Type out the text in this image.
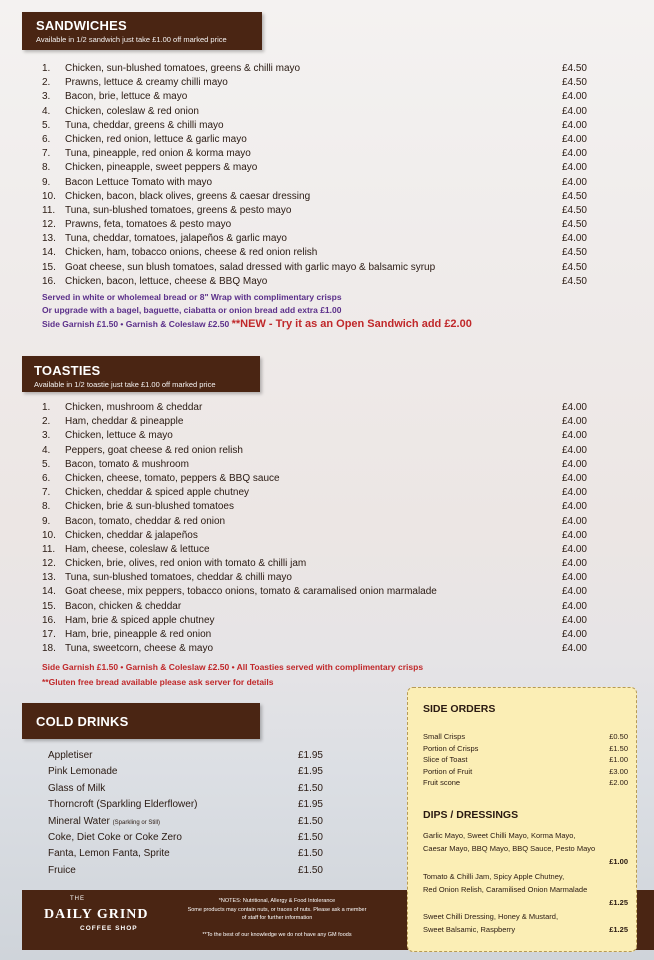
SANDWICHES
Available in 1/2 sandwich just take £1.00 off marked price
1.	Chicken, sun-blushed tomatoes, greens & chilli mayo	£4.50
2.	Prawns, lettuce & creamy chilli mayo	£4.50
3.	Bacon, brie, lettuce & mayo	£4.00
4.	Chicken, coleslaw & red onion	£4.00
5.	Tuna, cheddar, greens & chilli mayo	£4.00
6.	Chicken, red onion, lettuce & garlic mayo	£4.00
7.	Tuna, pineapple, red onion & korma mayo	£4.00
8.	Chicken, pineapple, sweet peppers & mayo	£4.00
9.	Bacon Lettuce Tomato with mayo	£4.00
10. Chicken, bacon, black olives, greens & caesar dressing	£4.50
11. Tuna, sun-blushed tomatoes, greens & pesto mayo	£4.50
12. Prawns, feta, tomatoes & pesto mayo	£4.50
13. Tuna, cheddar, tomatoes, jalapeños & garlic mayo	£4.00
14. Chicken, ham, tobacco onions, cheese & red onion relish	£4.50
15. Goat cheese, sun blush tomatoes, salad dressed with garlic mayo & balsamic syrup	£4.50
16. Chicken, bacon, lettuce, cheese & BBQ Mayo	£4.50
Served in white or wholemeal bread or 8" Wrap with complimentary crisps
Or upgrade with a bagel, baguette, ciabatta or onion bread add extra £1.00
Side Garnish £1.50 • Garnish & Coleslaw £2.50 **NEW - Try it as an Open Sandwich add £2.00
TOASTIES
Available in 1/2 toastie just take £1.00 off marked price
1.	Chicken, mushroom & cheddar	£4.00
2.	Ham, cheddar & pineapple	£4.00
3.	Chicken, lettuce & mayo	£4.00
4.	Peppers, goat cheese & red onion relish	£4.00
5.	Bacon, tomato & mushroom	£4.00
6.	Chicken, cheese, tomato, peppers & BBQ sauce	£4.00
7.	Chicken, cheddar & spiced apple chutney	£4.00
8.	Chicken, brie & sun-blushed tomatoes	£4.00
9.	Bacon, tomato, cheddar & red onion	£4.00
10. Chicken, cheddar & jalapeños	£4.00
11. Ham, cheese, coleslaw & lettuce	£4.00
12. Chicken, brie, olives, red onion with tomato & chilli jam	£4.00
13. Tuna, sun-blushed tomatoes, cheddar & chilli mayo	£4.00
14. Goat cheese, mix peppers, tobacco onions, tomato & caramalised onion marmalade	£4.00
15. Bacon, chicken & cheddar	£4.00
16. Ham, brie & spiced apple chutney	£4.00
17. Ham, brie, pineapple & red onion	£4.00
18. Tuna, sweetcorn, cheese & mayo	£4.00
Side Garnish £1.50 • Garnish & Coleslaw £2.50 • All Toasties served with complimentary crisps
**Gluten free bread available please ask server for details
COLD DRINKS
Appletiser	£1.95
Pink Lemonade	£1.95
Glass of Milk	£1.50
Thorncroft (Sparkling Elderflower)	£1.95
Mineral Water (Sparkling or Still)	£1.50
Coke, Diet Coke or Coke Zero	£1.50
Fanta, Lemon Fanta, Sprite	£1.50
Fruice	£1.50
THE
DAILY GRIND
COFFEE SHOP
*NOTES: Nutritional, Allergy & Food Intolerance
Some products may contain nuts, or traces of nuts. Please ask a member
of staff for further information
**To the best of our knowledge we do not have any GM foods
SIDE ORDERS
Small Crisps	£0.50
Portion of Crisps	£1.50
Slice of Toast	£1.00
Portion of Fruit	£3.00
Fruit scone	£2.00
DIPS / DRESSINGS
Garlic Mayo, Sweet Chilli Mayo, Korma Mayo,
Caesar Mayo, BBQ Mayo, BBQ Sauce, Pesto Mayo
£1.00
Tomato & Chilli Jam, Spicy Apple Chutney,
Red Onion Relish, Caramilised Onion Marmalade
£1.25
Sweet Chilli Dressing, Honey & Mustard,
Sweet Balsamic, Raspberry	£1.25
